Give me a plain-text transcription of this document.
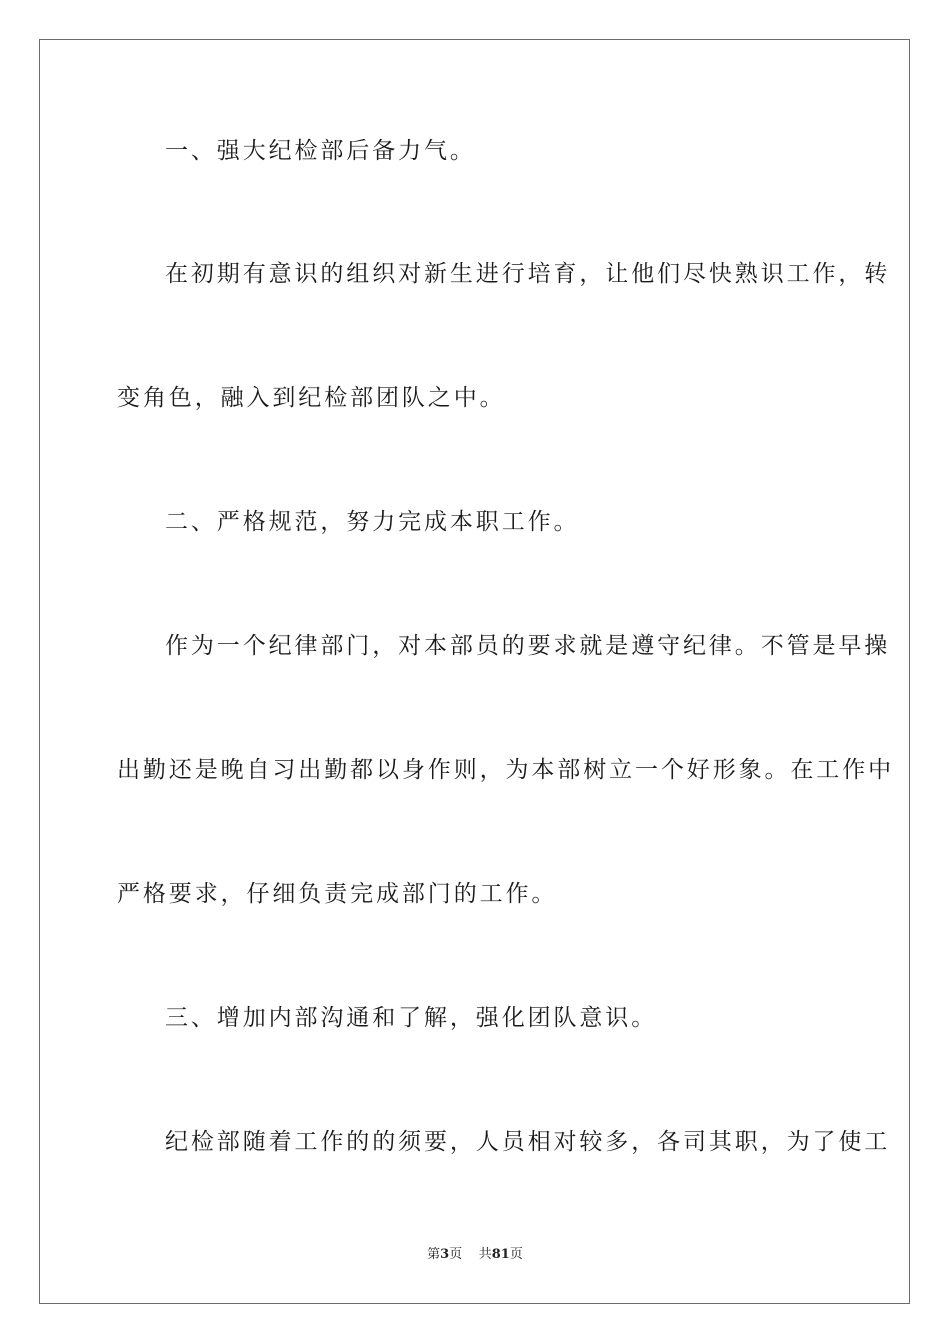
一、强大纪检部后备力气。
在初期有意识的组织对新生进行培育，让他们尽快熟识工作，转
变角色，融入到纪检部团队之中。
二、严格规范，努力完成本职工作。
作为一个纪律部门，对本部员的要求就是遵守纪律。不管是早操
出勤还是晚自习出勤都以身作则，为本部树立一个好形象。在工作中
严格要求，仔细负责完成部门的工作。
三、增加内部沟通和了解，强化团队意识。
纪检部随着工作的的须要，人员相对较多，各司其职，为了使工
第3页 共81页
